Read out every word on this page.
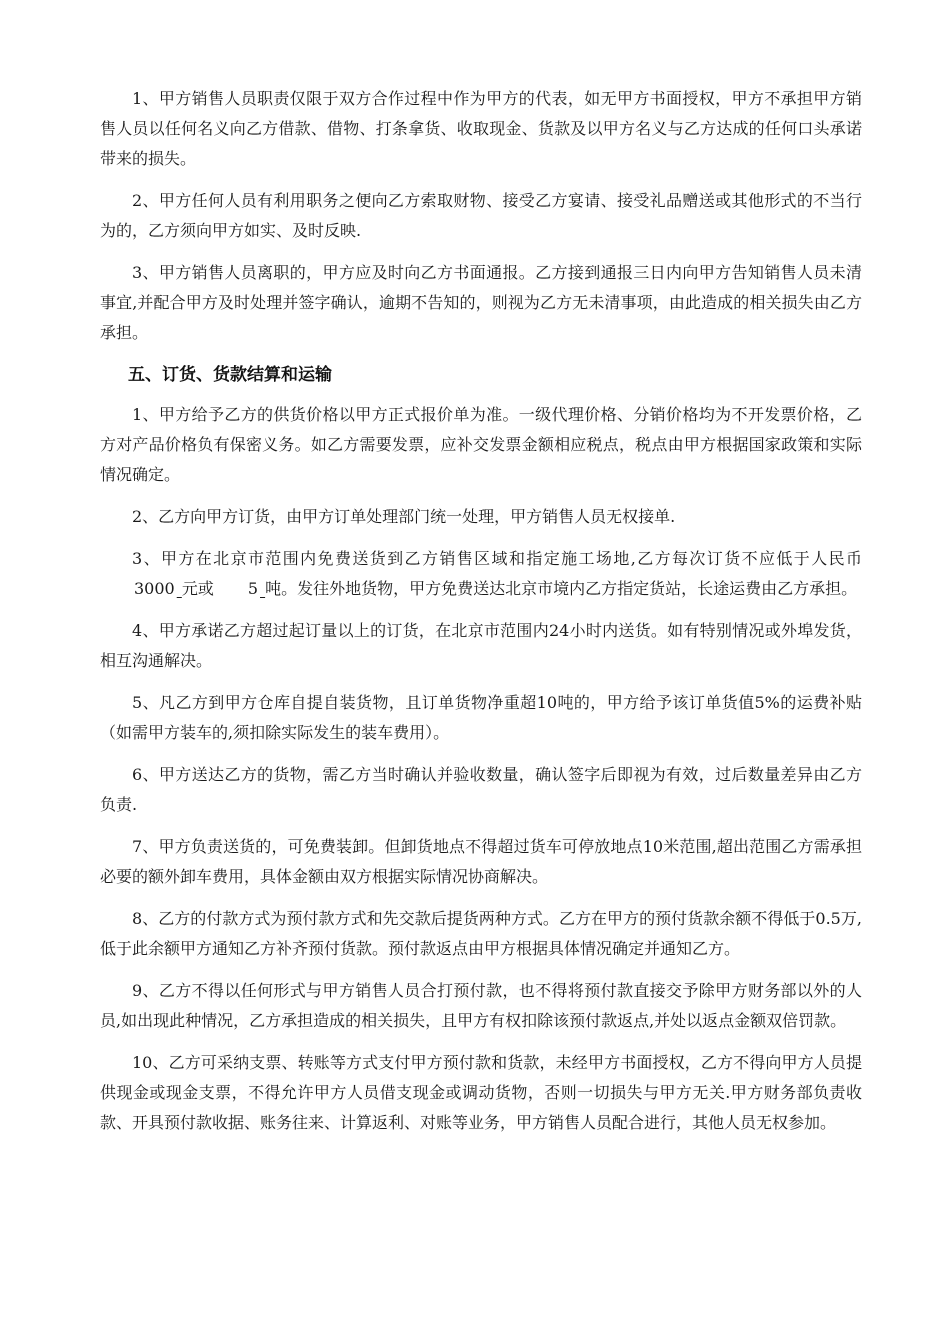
1、甲方销售人员职责仅限于双方合作过程中作为甲方的代表，如无甲方书面授权，甲方不承担甲方销售人员以任何名义向乙方借款、借物、打条拿货、收取现金、货款及以甲方名义与乙方达成的任何口头承诺带来的损失。

2、甲方任何人员有利用职务之便向乙方索取财物、接受乙方宴请、接受礼品赠送或其他形式的不当行为的，乙方须向甲方如实、及时反映.

3、甲方销售人员离职的，甲方应及时向乙方书面通报。乙方接到通报三日内向甲方告知销售人员未清事宜,并配合甲方及时处理并签字确认，逾期不告知的，则视为乙方无未清事项，由此造成的相关损失由乙方承担。

五、订货、货款结算和运输

1、甲方给予乙方的供货价格以甲方正式报价单为准。一级代理价格、分销价格均为不开发票价格，乙方对产品价格负有保密义务。如乙方需要发票，应补交发票金额相应税点，税点由甲方根据国家政策和实际情况确定。

2、乙方向甲方订货，由甲方订单处理部门统一处理，甲方销售人员无权接单.

3、甲方在北京市范围内免费送货到乙方销售区域和指定施工场地,乙方每次订货不应低于人民币3000 元或 5 吨。发往外地货物，甲方免费送达北京市境内乙方指定货站，长途运费由乙方承担。

4、甲方承诺乙方超过起订量以上的订货，在北京市范围内24小时内送货。如有特别情况或外埠发货，相互沟通解决。

5、凡乙方到甲方仓库自提自装货物，且订单货物净重超10吨的，甲方给予该订单货值5%的运费补贴（如需甲方装车的,须扣除实际发生的装车费用）。

6、甲方送达乙方的货物，需乙方当时确认并验收数量，确认签字后即视为有效，过后数量差异由乙方负责.

7、甲方负责送货的，可免费装卸。但卸货地点不得超过货车可停放地点10米范围,超出范围乙方需承担必要的额外卸车费用，具体金额由双方根据实际情况协商解决。

8、乙方的付款方式为预付款方式和先交款后提货两种方式。乙方在甲方的预付货款余额不得低于0.5万,低于此余额甲方通知乙方补齐预付货款。预付款返点由甲方根据具体情况确定并通知乙方。

9、乙方不得以任何形式与甲方销售人员合打预付款，也不得将预付款直接交予除甲方财务部以外的人员,如出现此种情况，乙方承担造成的相关损失，且甲方有权扣除该预付款返点,并处以返点金额双倍罚款。

10、乙方可采纳支票、转账等方式支付甲方预付款和货款，未经甲方书面授权，乙方不得向甲方人员提供现金或现金支票，不得允许甲方人员借支现金或调动货物，否则一切损失与甲方无关.甲方财务部负责收款、开具预付款收据、账务往来、计算返利、对账等业务，甲方销售人员配合进行，其他人员无权参加。
